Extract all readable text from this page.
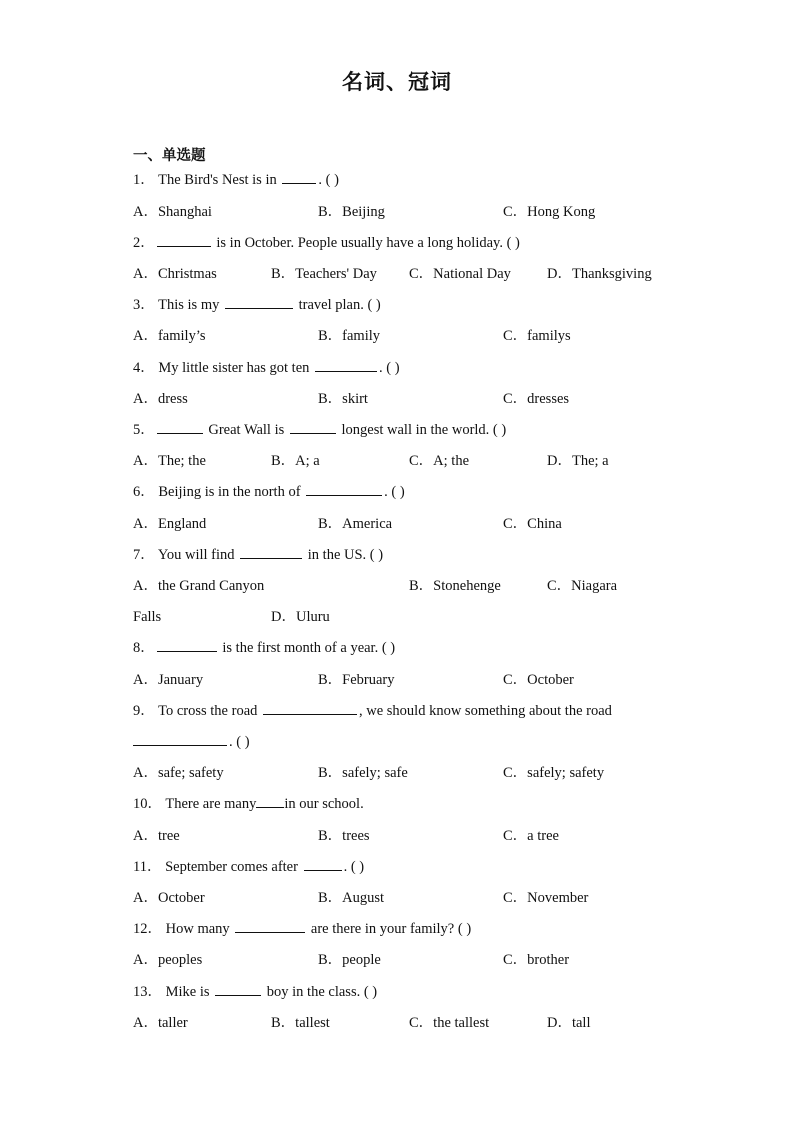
名词、冠词
一、单选题
1． The Bird's Nest is in	. ( )
A．Shanghai	B．Beijing	C．Hong Kong
2．	is in October. People usually have a long holiday. ( )
A．Christmas	B．Teachers' Day C．National Day D．Thanksgiving
3． This is my	travel plan. ( )
A．family’s	B．family	C．familys
4． My little sister has got ten	. ( )
A．dress	B．skirt	C．dresses
5．	Great Wall is	longest wall in the world. ( )
A．The; the	B．A; a	C．A; the	D．The; a
6． Beijing is in the north of	. ( )
A．England	B．America	C．China
7． You will find	in the US. ( )
A．the Grand Canyon	B．Stonehenge	C．Niagara
Falls	D．Uluru
8．	is the first month of a year. ( )
A．January	B．February	C．October
9． To cross the road	, we should know something about the road
. ( )
A．safe; safety	B．safely; safe	C．safely; safety
10． There are many in our school.
A．tree	B．trees	C．a tree
11． September comes after	. ( )
A．October	B．August	C．November
12． How many	are there in your family? ( )
A．peoples	B．people	C．brother
13． Mike is	boy in the class. ( )
A．taller	B．tallest	C．the tallest	D．tall
